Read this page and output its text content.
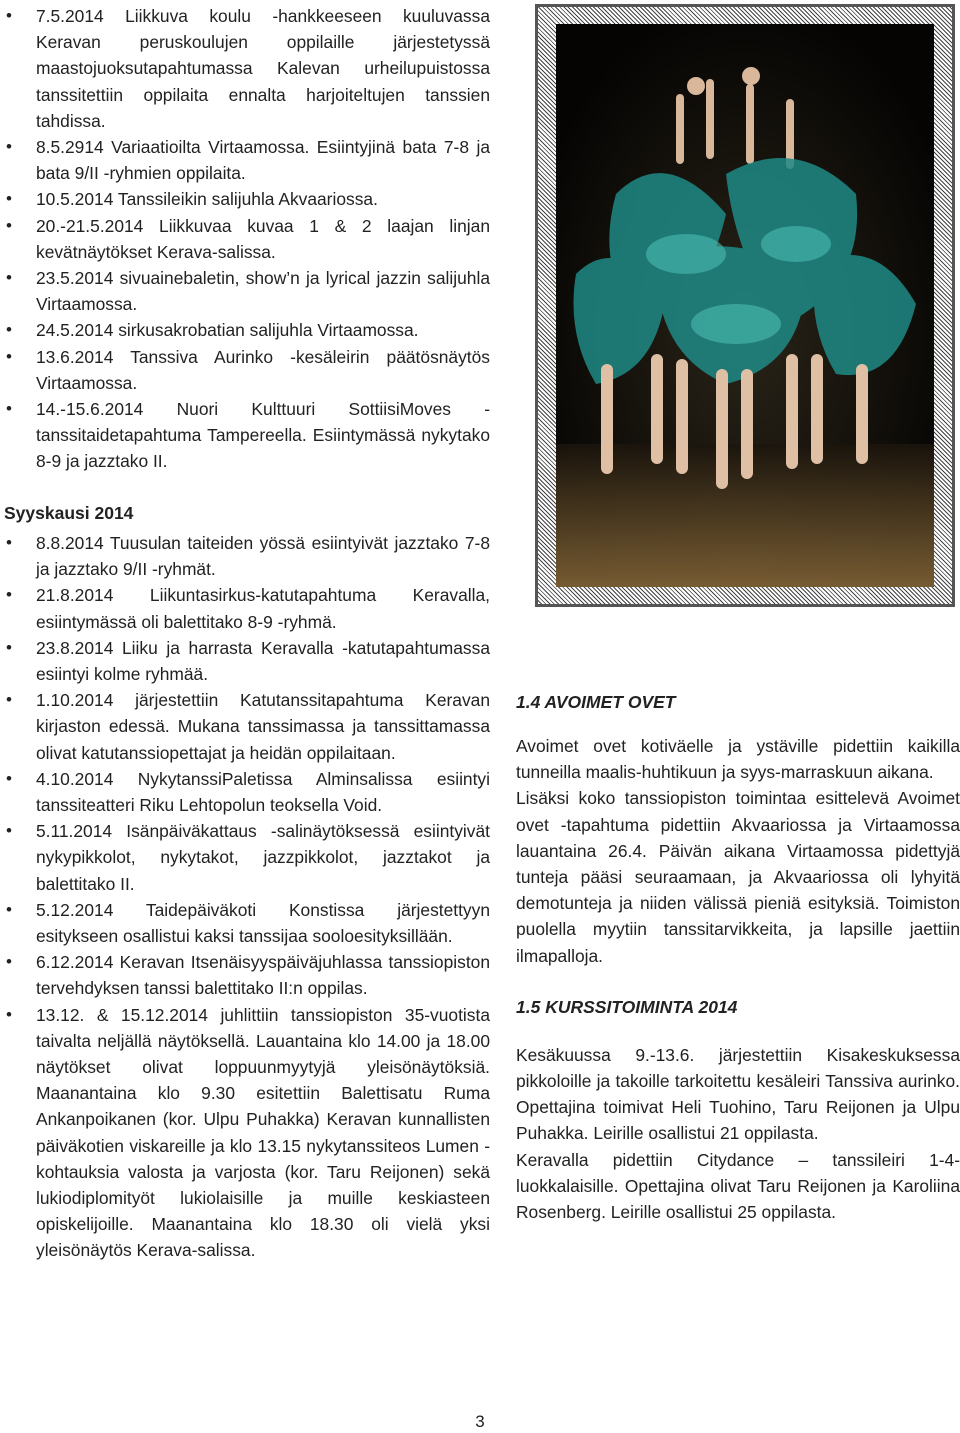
• 7.5.2014 Liikkuva koulu -hankkeeseen kuuluvassa Keravan peruskoulujen oppilaille järjestetyssä maastojuoksutapahtumassa Kalevan urheilupuistossa tanssitettiin oppilaita ennalta harjoiteltujen tanssien tahdissa.
• 8.5.2914 Variaatioilta Virtaamossa. Esiintyjinä bata 7-8 ja bata 9/II -ryhmien oppilaita.
• 10.5.2014 Tanssileikin salijuhla Akvaariossa.
• 20.-21.5.2014 Liikkuvaa kuvaa 1 & 2 laajan linjan kevätnäytökset Kerava-salissa.
• 23.5.2014 sivuainebaletin, show’n ja lyrical jazzin salijuhla Virtaamossa.
• 24.5.2014 sirkusakrobatian salijuhla Virtaamossa.
• 13.6.2014 Tanssiva Aurinko -kesäleirin päätösnäytös Virtaamossa.
• 14.-15.6.2014 Nuori Kulttuuri SottiisiMoves -tanssitaidetapahtuma Tampereella. Esiintymässä nykytako 8-9 ja jazztako II.
Syyskausi 2014
• 8.8.2014 Tuusulan taiteiden yössä esiintyivät jazztako 7-8 ja jazztako 9/II -ryhmät.
• 21.8.2014 Liikuntasirkus-katutapahtuma Keravalla, esiintymässä oli balettitako 8-9 -ryhmä.
• 23.8.2014 Liiku ja harrasta Keravalla -katutapahtumassa esiintyi kolme ryhmää.
• 1.10.2014 järjestettiin Katutanssitapahtuma Keravan kirjaston edessä. Mukana tanssimassa ja tanssittamassa olivat katutanssiopettajat ja heidän oppilaitaan.
• 4.10.2014 NykytanssiPaletissa Alminsalissa esiintyi tanssiteatteri Riku Lehtopolun teoksella Void.
• 5.11.2014 Isänpäiväkattaus -salinäytöksessä esiintyivät nykypikkolot, nykytakot, jazzpikkolot, jazztakot ja balettitako II.
• 5.12.2014 Taidepäiväkoti Konstissa järjestettyyn esitykseen osallistui kaksi tanssijaa sooloesityksillään.
• 6.12.2014 Keravan Itsenäisyyspäiväjuhlassa tanssiopiston tervehdyksen tanssi balettitako II:n oppilas.
• 13.12. & 15.12.2014 juhlittiin tanssiopiston 35-vuotista taivalta neljällä näytöksellä. Lauantaina klo 14.00 ja 18.00 näytökset olivat loppuunmyytyjä yleisönäytöksiä. Maanantaina klo 9.30 esitettiin Balettisatu Ruma Ankanpoikanen (kor. Ulpu Puhakka) Keravan kunnallisten päiväkotien viskareille ja klo 13.15 nykytanssiteos Lumen - kohtauksia valosta ja varjosta (kor. Taru Reijonen) sekä lukiodiplomityöt lukiolaisille ja muille keskiasteen opiskelijoille. Maanantaina klo 18.30 oli vielä yksi yleisönäytös Kerava-salissa.
1.4 AVOIMET OVET

Avoimet ovet kotiväelle ja ystäville pidettiin kaikilla tunneilla maalis-huhtikuun ja syys-marraskuun aikana.

Lisäksi koko tanssiopiston toimintaa esittelevä Avoimet ovet -tapahtuma pidettiin Akvaariossa ja Virtaamossa lauantaina 26.4. Päivän aikana Virtaamossa pidettyjä tunteja pääsi seuraamaan, ja Akvaariossa oli lyhyitä demotunteja ja niiden välissä pieniä esityksiä. Toimiston puolella myytiin tanssitarvikkeita, ja lapsille jaettiin ilmapalloja.

1.5 KURSSITOIMINTA 2014

Kesäkuussa 9.-13.6. järjestettiin Kisakeskuksessa pikkoloille ja takoille tarkoitettu kesäleiri Tanssiva aurinko. Opettajina toimivat Heli Tuohino, Taru Reijonen ja Ulpu Puhakka. Leirille osallistui 21 oppilasta.

Keravalla pidettiin Citydance – tanssileiri 1-4-luokkalaisille. Opettajina olivat Taru Reijonen ja Karoliina Rosenberg. Leirille osallistui 25 oppilasta.

3
